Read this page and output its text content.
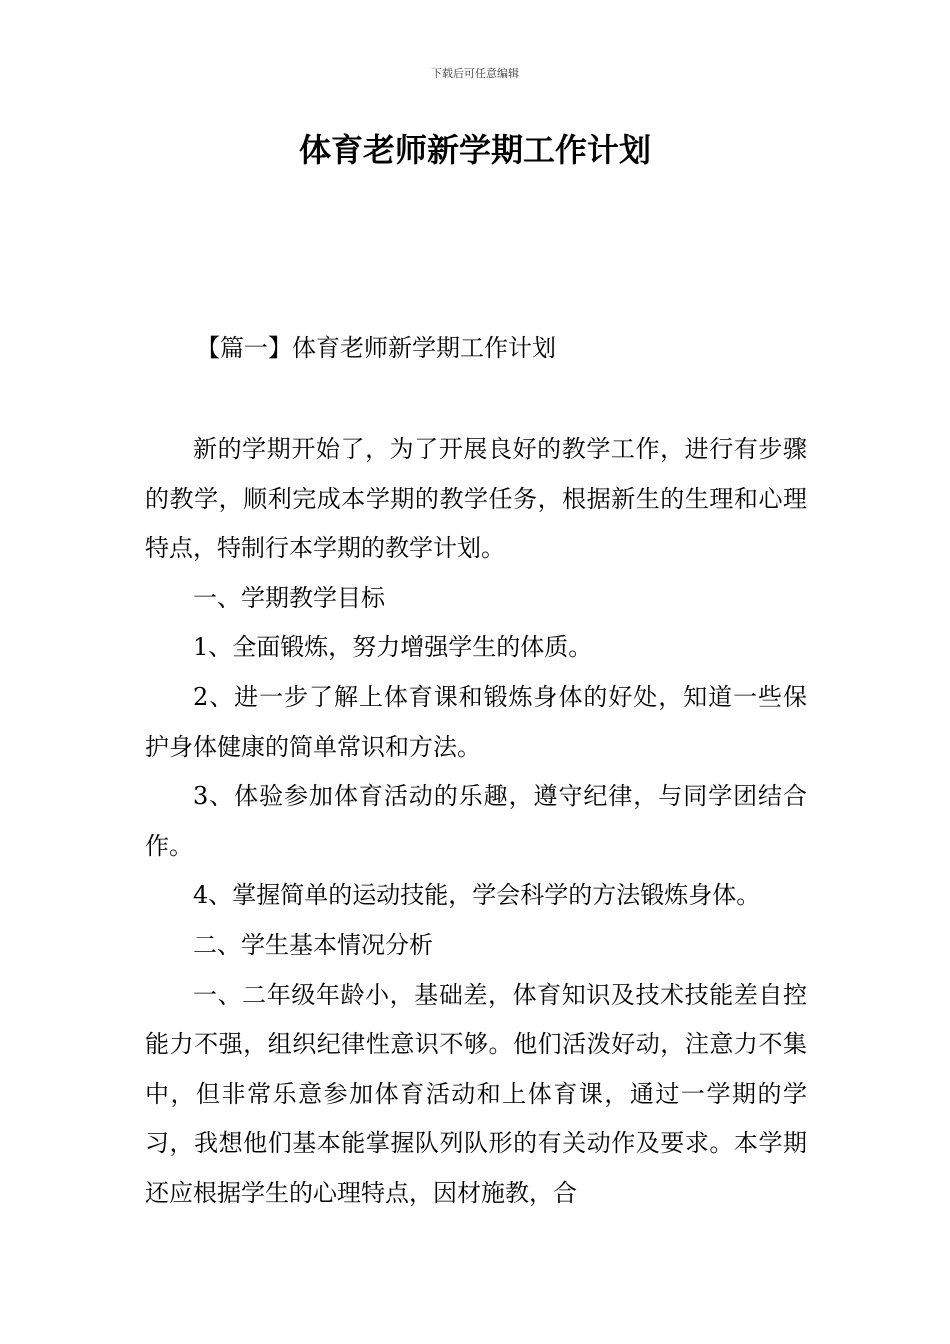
下载后可任意编辑
体育老师新学期工作计划
【篇一】体育老师新学期工作计划

新的学期开始了，为了开展良好的教学工作，进行有步骤的教学，顺利完成本学期的教学任务，根据新生的生理和心理特点，特制行本学期的教学计划。

一、学期教学目标

1、全面锻炼，努力增强学生的体质。

2、进一步了解上体育课和锻炼身体的好处，知道一些保护身体健康的简单常识和方法。

3、体验参加体育活动的乐趣，遵守纪律，与同学团结合作。

4、掌握简单的运动技能，学会科学的方法锻炼身体。

二、学生基本情况分析

一、二年级年龄小，基础差，体育知识及技术技能差自控能力不强，组织纪律性意识不够。他们活泼好动，注意力不集中，但非常乐意参加体育活动和上体育课，通过一学期的学习，我想他们基本能掌握队列队形的有关动作及要求。本学期还应根据学生的心理特点，因材施教，合
